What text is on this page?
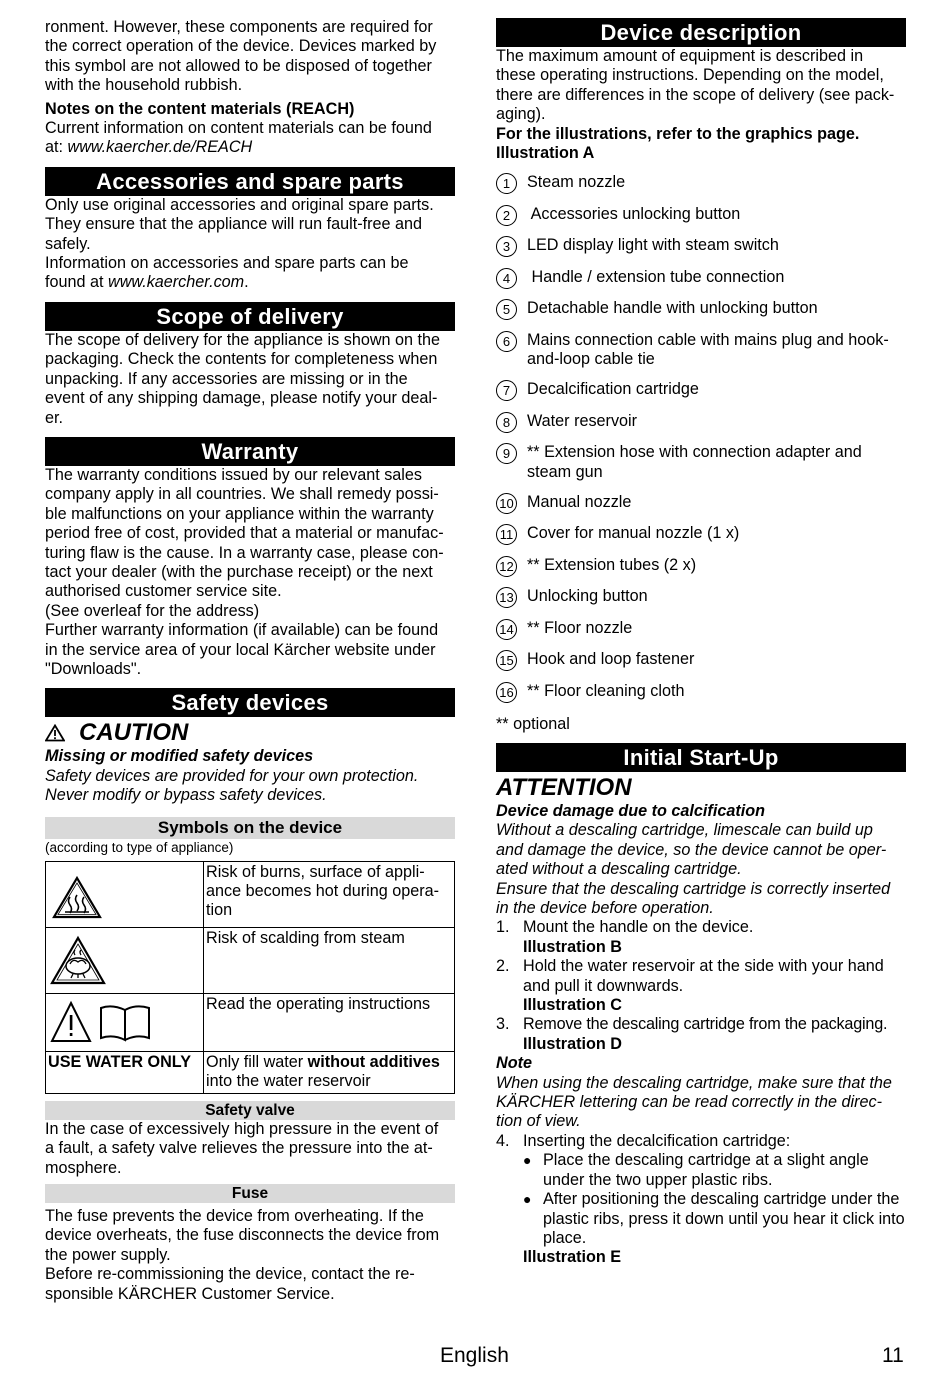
ronment. However, these components are required for

the correct operation of the device. Devices marked by

this symbol are not allowed to be disposed of together

with the household rubbish.

Notes on the content materials (REACH)

Current information on content materials can be found

at: www.kaercher.de/REACH

Accessories and spare parts

Only use original accessories and original spare parts.

They ensure that the appliance will run fault-free and

safely.

Information on accessories and spare parts can be

found at www.kaercher.com.

Scope of delivery

The scope of delivery for the appliance is shown on the

packaging. Check the contents for completeness when

unpacking. If any accessories are missing or in the

event of any shipping damage, please notify your deal-

er.

Warranty

The warranty conditions issued by our relevant sales

company apply in all countries. We shall remedy possi-

ble malfunctions on your appliance within the warranty

period free of cost, provided that a material or manufac-

turing flaw is the cause. In a warranty case, please con-

tact your dealer (with the purchase receipt) or the next

authorised customer service site.

(See overleaf for the address)

Further warranty information (if available) can be found

in the service area of your local Kärcher website under

"Downloads".

Safety devices
CAUTION

Missing or modified safety devices

Safety devices are provided for your own protection.

Never modify or bypass safety devices.

Symbols on the device

(according to type of appliance)

	Risk of burns, surface of appli-
ance becomes hot during opera-
tion
	Risk of scalding from steam
	Read the operating instructions
USE WATER ONLY	Only fill water without additives
into the water reservoir
Safety valve

In the case of excessively high pressure in the event of

a fault, a safety valve relieves the pressure into the at-

mosphere.

Fuse

The fuse prevents the device from overheating. If the

device overheats, the fuse disconnects the device from

the power supply.

Before re-commissioning the device, contact the re-

sponsible KÄRCHER Customer Service.

Device description

The maximum amount of equipment is described in

these operating instructions. Depending on the model,

there are differences in the scope of delivery (see pack-

aging).

For the illustrations, refer to the graphics page.

Illustration A

1	Steam nozzle
2	Accessories unlocking button
3	LED display light with steam switch
4	Handle / extension tube connection
5	Detachable handle with unlocking button
6	Mains connection cable with mains plug and hook-and-loop cable tie
7	Decalcification cartridge
8	Water reservoir
9	** Extension hose with connection adapter and steam gun
10 Manual nozzle
11 Cover for manual nozzle (1 x)
12 ** Extension tubes (2 x)
13 Unlocking button
14 ** Floor nozzle
15 Hook and loop fastener
16 ** Floor cleaning cloth

** optional

Initial Start-Up

ATTENTION

Device damage due to calcification

Without a descaling cartridge, limescale can build up

and damage the device, so the device cannot be oper-

ated without a descaling cartridge.

Ensure that the descaling cartridge is correctly inserted

in the device before operation.

1. Mount the handle on the device.

Illustration B

2. Hold the water reservoir at the side with your hand and pull it downwards.

Illustration C

3. Remove the descaling cartridge from the packaging.

Illustration D

Note

When using the descaling cartridge, make sure that the

KÄRCHER lettering can be read correctly in the direc-

tion of view.

4. Inserting the decalcification cartridge:
● Place the descaling cartridge at a slight angle under the two upper plastic ribs.
● After positioning the descaling cartridge under the plastic ribs, press it down until you hear it click into place.

Illustration E

English	11
